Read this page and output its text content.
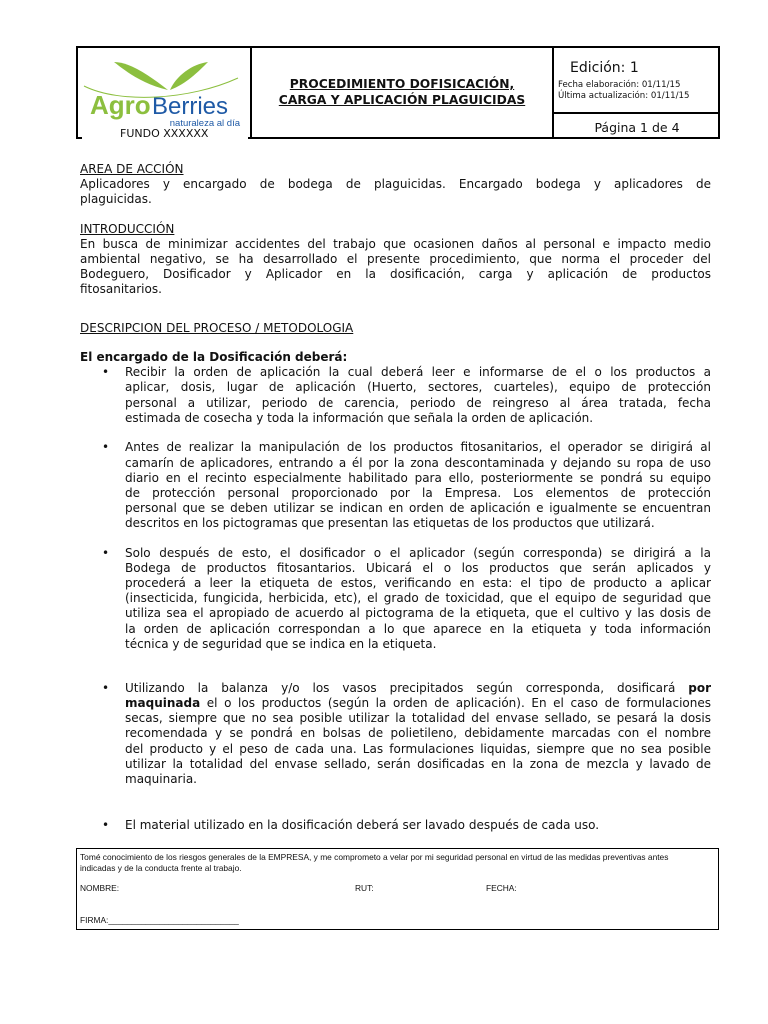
Agro Berries
naturaleza al día
FUNDO XXXXXX
PROCEDIMIENTO DOFISICACIÓN,
CARGA Y APLICACIÓN PLAGUICIDAS
Edición: 1
Fecha elaboración: 01/11/15
Última actualización: 01/11/15
Página 1 de 4
AREA DE ACCIÓN
Aplicadores y encargado de bodega de plaguicidas. Encargado bodega y aplicadores de
plaguicidas.
INTRODUCCIÓN
En busca de minimizar accidentes del trabajo que ocasionen daños al personal e impacto medio
ambiental negativo, se ha desarrollado el presente procedimiento, que norma el proceder del
Bodeguero, Dosificador y Aplicador en la dosificación, carga y aplicación de productos
fitosanitarios.
DESCRIPCION DEL PROCESO / METODOLOGIA
El encargado de la Dosificación deberá:
• Recibir la orden de aplicación la cual deberá leer e informarse de el o los productos a
aplicar, dosis, lugar de aplicación (Huerto, sectores, cuarteles), equipo de protección
personal a utilizar, periodo de carencia, periodo de reingreso al área tratada, fecha
estimada de cosecha y toda la información que señala la orden de aplicación.
• Antes de realizar la manipulación de los productos fitosanitarios, el operador se dirigirá al
camarín de aplicadores, entrando a él por la zona descontaminada y dejando su ropa de uso
diario en el recinto especialmente habilitado para ello, posteriormente se pondrá su equipo
de protección personal proporcionado por la Empresa. Los elementos de protección
personal que se deben utilizar se indican en orden de aplicación e igualmente se encuentran
descritos en los pictogramas que presentan las etiquetas de los productos que utilizará.
• Solo después de esto, el dosificador o el aplicador (según corresponda) se dirigirá a la
Bodega de productos fitosantarios. Ubicará el o los productos que serán aplicados y
procederá a leer la etiqueta de estos, verificando en esta: el tipo de producto a aplicar
(insecticida, fungicida, herbicida, etc), el grado de toxicidad, que el equipo de seguridad que
utiliza sea el apropiado de acuerdo al pictograma de la etiqueta, que el cultivo y las dosis de
la orden de aplicación correspondan a lo que aparece en la etiqueta y toda información
técnica y de seguridad que se indica en la etiqueta.
• Utilizando la balanza y/o los vasos precipitados según corresponda, dosificará por
maquinada el o los productos (según la orden de aplicación). En el caso de formulaciones
secas, siempre que no sea posible utilizar la totalidad del envase sellado, se pesará la dosis
recomendada y se pondrá en bolsas de polietileno, debidamente marcadas con el nombre
del producto y el peso de cada una. Las formulaciones liquidas, siempre que no sea posible
utilizar la totalidad del envase sellado, serán dosificadas en la zona de mezcla y lavado de
maquinaria.
• El material utilizado en la dosificación deberá ser lavado después de cada uso.
Tomé conocimiento de los riesgos generales de la EMPRESA, y me comprometo a velar por mi seguridad personal en virtud de las medidas preventivas antes
indicadas y de la conducta frente al trabajo.
NOMBRE:	RUT:	FECHA:
FIRMA:____________________________
